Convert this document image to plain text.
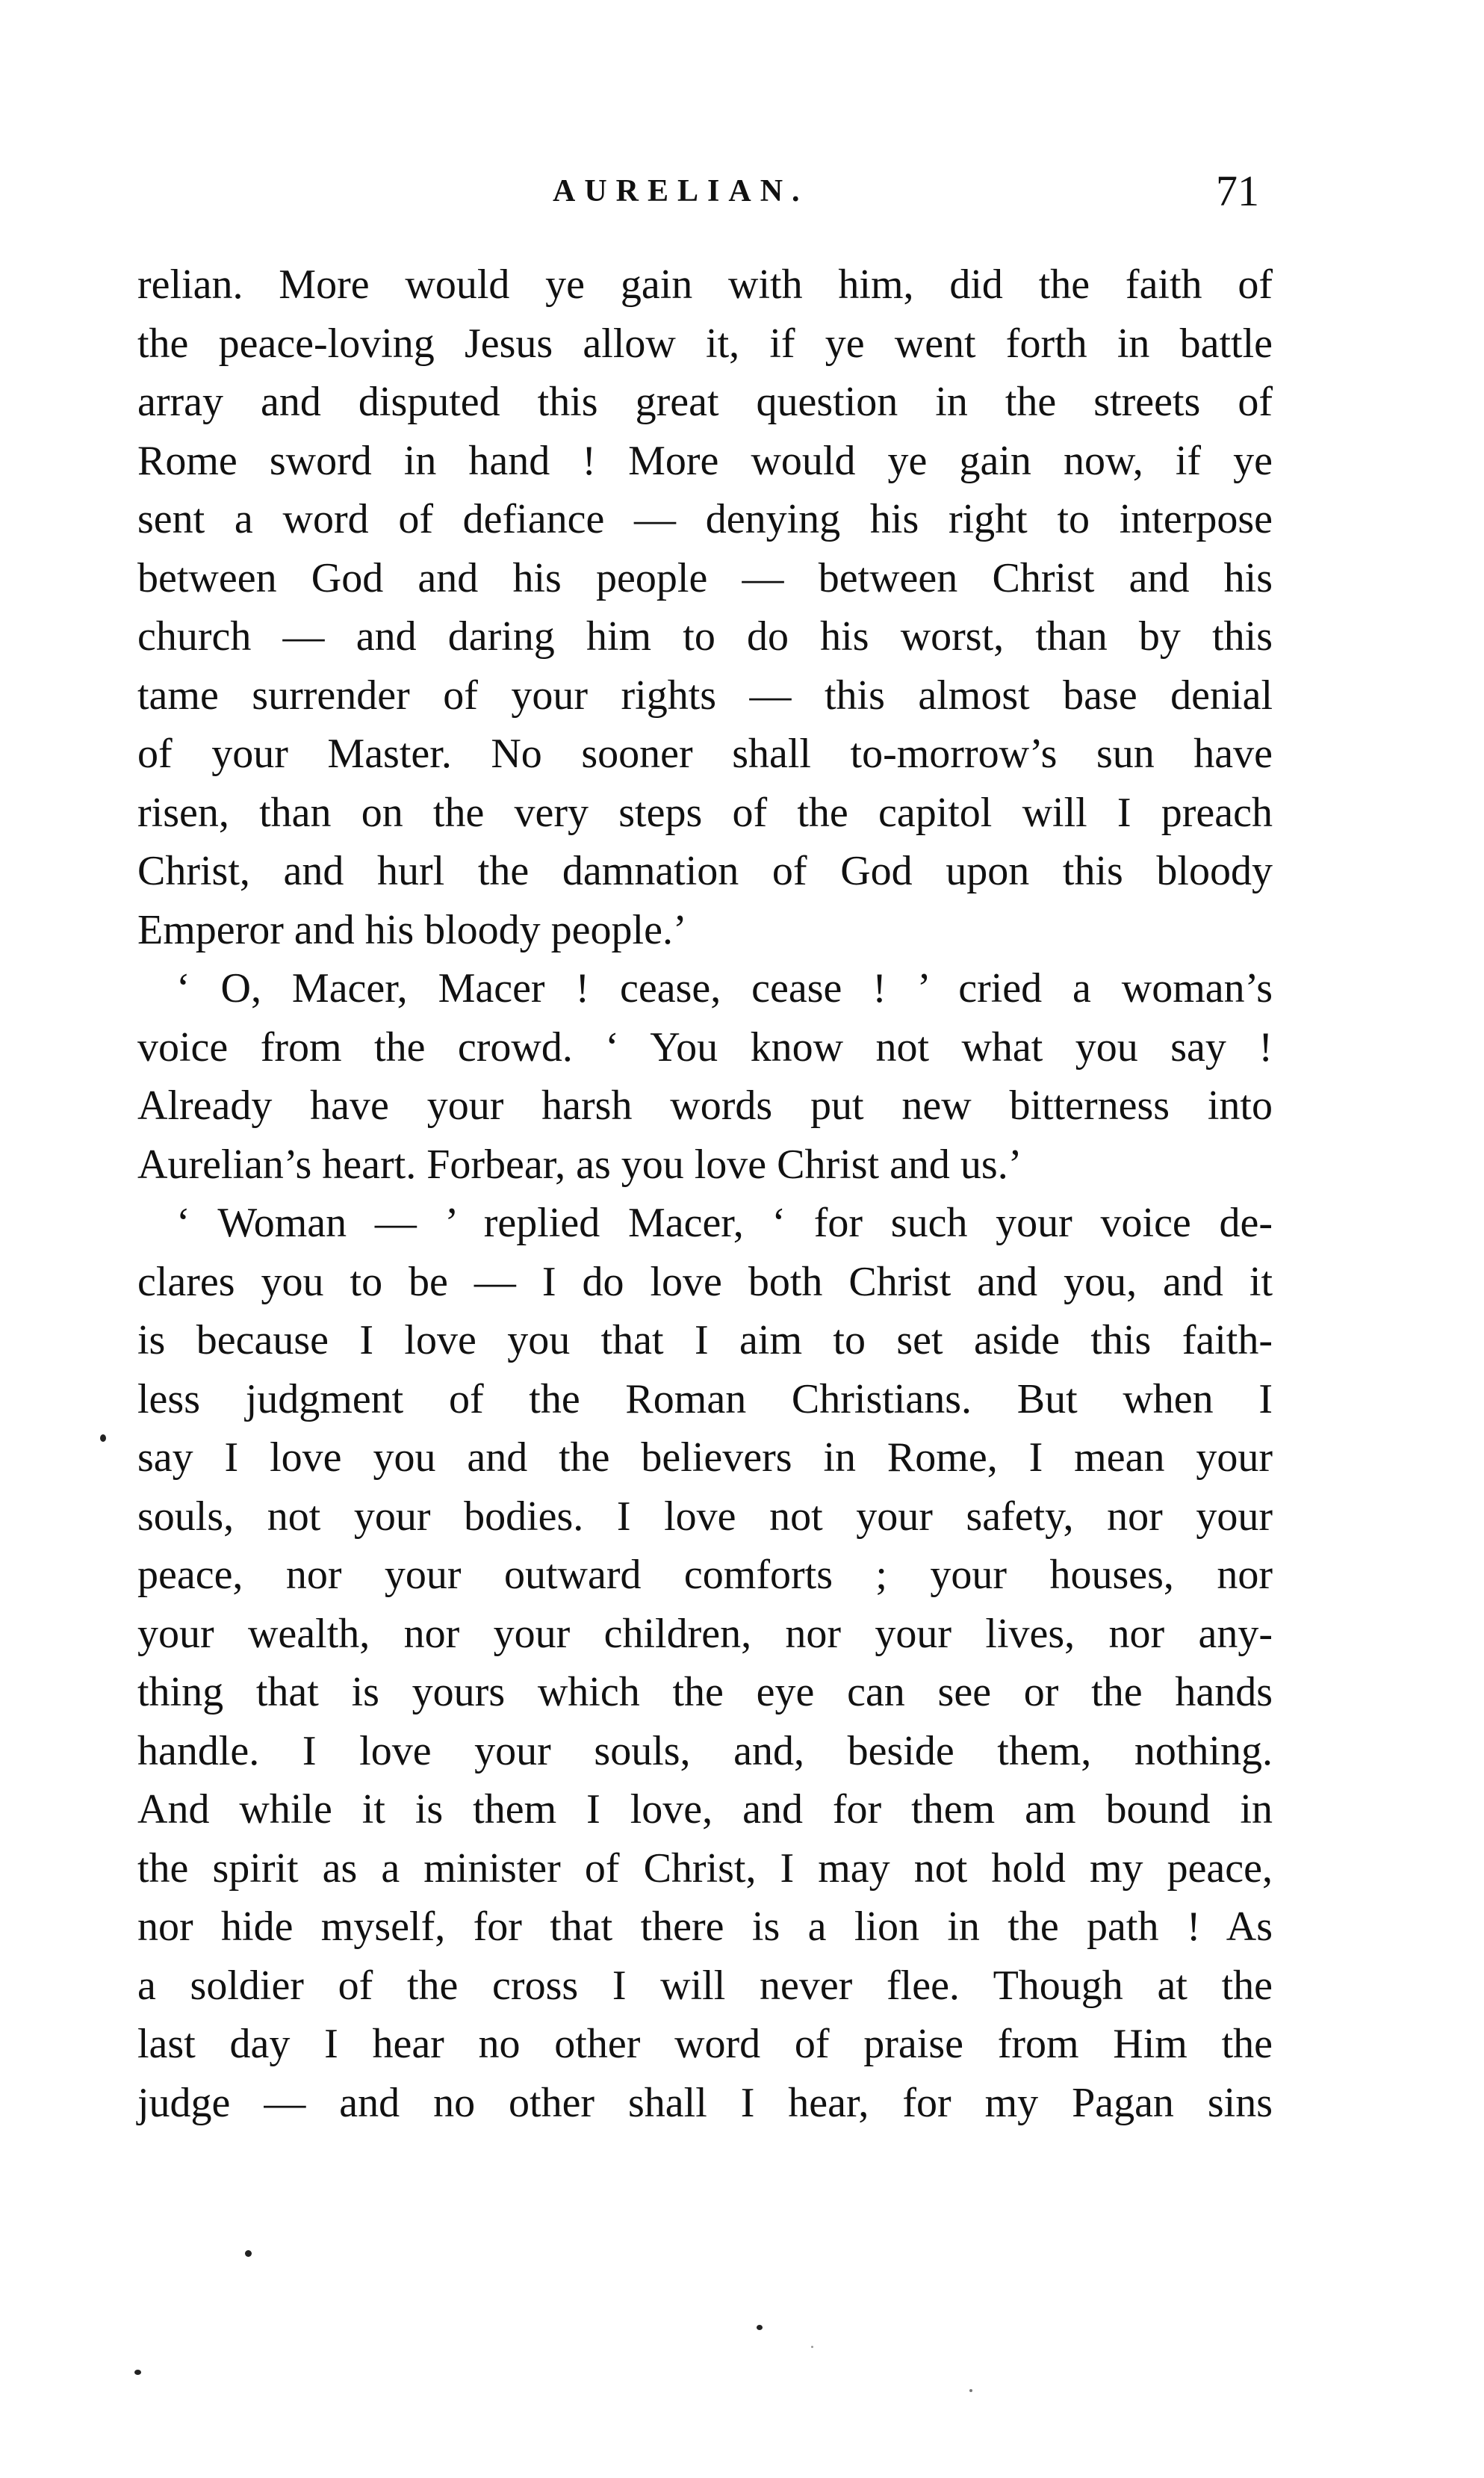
AURELIAN.	71
relian. More would ye gain with him, did the faith of
the peace-loving Jesus allow it, if ye went forth in battle
array and disputed this great question in the streets of
Rome sword in hand ! More would ye gain now, if ye
sent a word of defiance — denying his right to interpose
between God and his people — between Christ and his
church — and daring him to do his worst, than by this
tame surrender of your rights — this almost base denial
of your Master. No sooner shall to-morrow’s sun have
risen, than on the very steps of the capitol will I preach
Christ, and hurl the damnation of God upon this bloody
Emperor and his bloody people.’
‘ O, Macer, Macer ! cease, cease ! ’ cried a woman’s
voice from the crowd. ‘ You know not what you say !
Already have your harsh words put new bitterness into
Aurelian’s heart. Forbear, as you love Christ and us.’
‘ Woman — ’ replied Macer, ‘ for such your voice de-
clares you to be — I do love both Christ and you, and it
is because I love you that I aim to set aside this faith-
less judgment of the Roman Christians. But when I
say I love you and the believers in Rome, I mean your
souls, not your bodies. I love not your safety, nor your
peace, nor your outward comforts ; your houses, nor
your wealth, nor your children, nor your lives, nor any-
thing that is yours which the eye can see or the hands
handle. I love your souls, and, beside them, nothing.
And while it is them I love, and for them am bound in
the spirit as a minister of Christ, I may not hold my peace,
nor hide myself, for that there is a lion in the path ! As
a soldier of the cross I will never flee. Though at the
last day I hear no other word of praise from Him the
judge — and no other shall I hear, for my Pagan sins
